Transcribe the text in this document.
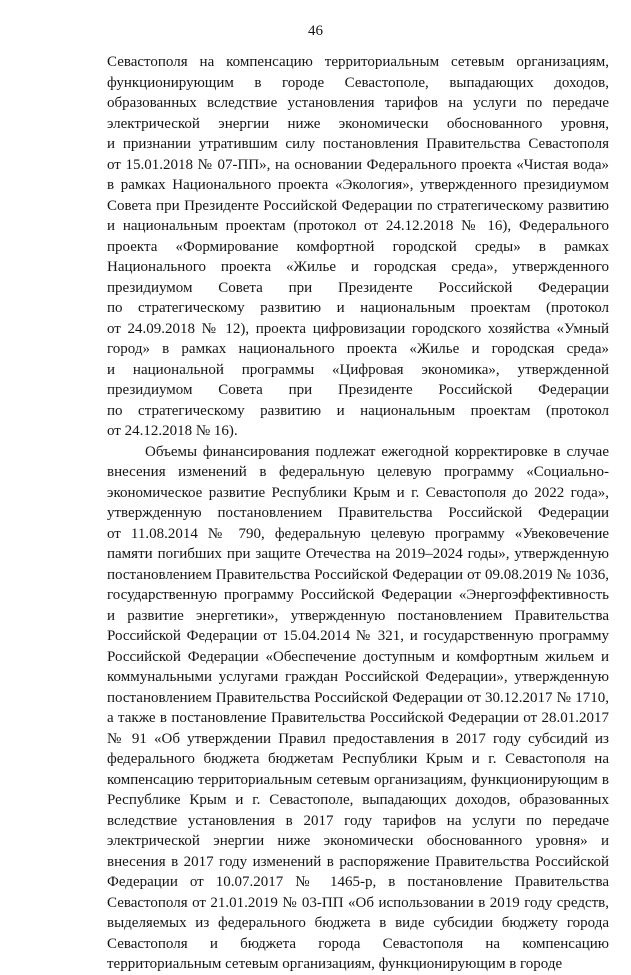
46
Севастополя на компенсацию территориальным сетевым организациям,
функционирующим в городе Севастополе, выпадающих доходов,
образованных вследствие установления тарифов на услуги по передаче
электрической энергии ниже экономически обоснованного уровня,
и признании утратившим силу постановления Правительства Севастополя
от 15.01.2018 № 07-ПП», на основании Федерального проекта «Чистая вода»
в рамках Национального проекта «Экология», утвержденного президиумом
Совета при Президенте Российской Федерации по стратегическому развитию
и национальным проектам (протокол от 24.12.2018 № 16), Федерального
проекта «Формирование комфортной городской среды» в рамках
Национального проекта «Жилье и городская среда», утвержденного
президиумом Совета при Президенте Российской Федерации
по стратегическому развитию и национальным проектам (протокол
от 24.09.2018 № 12), проекта цифровизации городского хозяйства «Умный
город» в рамках национального проекта «Жилье и городская среда»
и национальной программы «Цифровая экономика», утвержденной
президиумом Совета при Президенте Российской Федерации
по стратегическому развитию и национальным проектам (протокол
от 24.12.2018 № 16).
Объемы финансирования подлежат ежегодной корректировке в случае
внесения изменений в федеральную целевую программу «Социально-
экономическое развитие Республики Крым и г. Севастополя до 2022 года»,
утвержденную постановлением Правительства Российской Федерации
от 11.08.2014 № 790, федеральную целевую программу «Увековечение
памяти погибших при защите Отечества на 2019–2024 годы», утвержденную
постановлением Правительства Российской Федерации от 09.08.2019 № 1036,
государственную программу Российской Федерации «Энергоэффективность
и развитие энергетики», утвержденную постановлением Правительства
Российской Федерации от 15.04.2014 № 321, и государственную программу
Российской Федерации «Обеспечение доступным и комфортным жильем и
коммунальными услугами граждан Российской Федерации», утвержденную
постановлением Правительства Российской Федерации от 30.12.2017 № 1710,
а также в постановление Правительства Российской Федерации от 28.01.2017
№ 91 «Об утверждении Правил предоставления в 2017 году субсидий из
федерального бюджета бюджетам Республики Крым и г. Севастополя на
компенсацию территориальным сетевым организациям, функционирующим в
Республике Крым и г. Севастополе, выпадающих доходов, образованных
вследствие установления в 2017 году тарифов на услуги по передаче
электрической энергии ниже экономически обоснованного уровня» и
внесения в 2017 году изменений в распоряжение Правительства Российской
Федерации от 10.07.2017 № 1465-р, в постановление Правительства
Севастополя от 21.01.2019 № 03-ПП «Об использовании в 2019 году средств,
выделяемых из федерального бюджета в виде субсидии бюджету города
Севастополя и бюджета города Севастополя на компенсацию
территориальным сетевым организациям, функционирующим в городе
